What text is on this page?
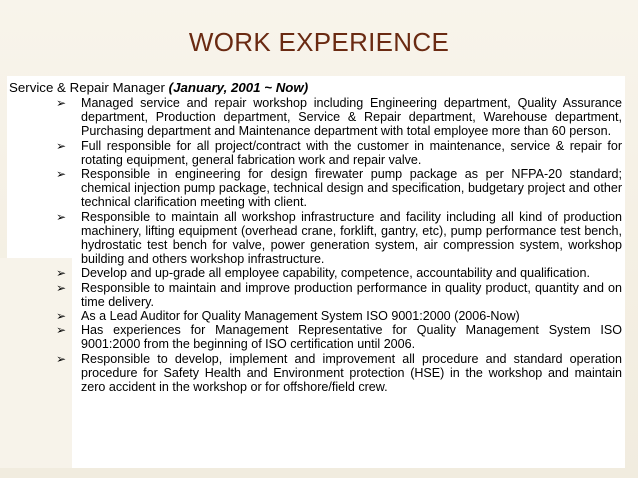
WORK EXPERIENCE
Service & Repair Manager (January, 2001 ~ Now)
➢ Managed service and repair workshop including Engineering department, Quality Assurance department, Production department, Service & Repair department, Warehouse department, Purchasing department and Maintenance department with total employee more than 60 person.
➢ Full responsible for all project/contract with the customer in maintenance, service & repair for rotating equipment, general fabrication work and repair valve.
➢ Responsible in engineering for design firewater pump package as per NFPA-20 standard; chemical injection pump package, technical design and specification, budgetary project and other technical clarification meeting with client.
➢ Responsible to maintain all workshop infrastructure and facility including all kind of production machinery, lifting equipment (overhead crane, forklift, gantry, etc), pump performance test bench, hydrostatic test bench for valve, power generation system, air compression system, workshop building and others workshop infrastructure.
➢ Develop and up-grade all employee capability, competence, accountability and qualification.
➢ Responsible to maintain and improve production performance in quality product, quantity and on time delivery.
➢ As a Lead Auditor for Quality Management System ISO 9001:2000 (2006-Now)
➢ Has experiences for Management Representative for Quality Management System ISO 9001:2000 from the beginning of ISO certification until 2006.
➢ Responsible to develop, implement and improvement all procedure and standard operation procedure for Safety Health and Environment protection (HSE) in the workshop and maintain zero accident in the workshop or for offshore/field crew.
